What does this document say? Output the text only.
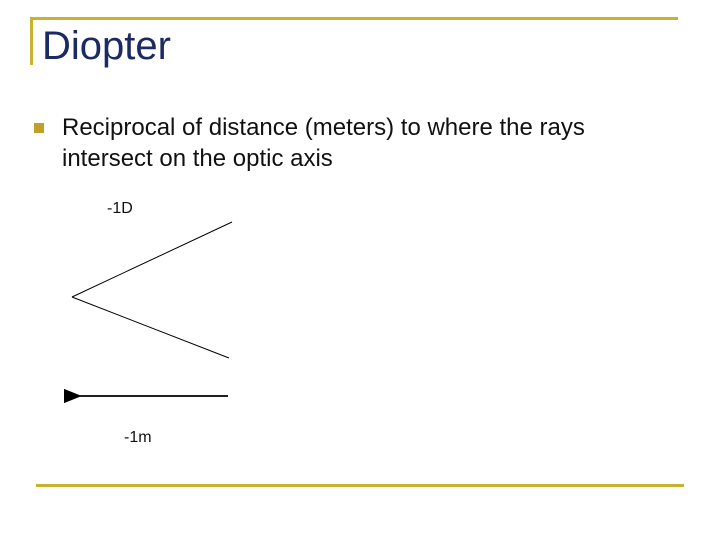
Diopter
Reciprocal of distance (meters) to where the rays intersect on the optic axis
-1D
-1m
